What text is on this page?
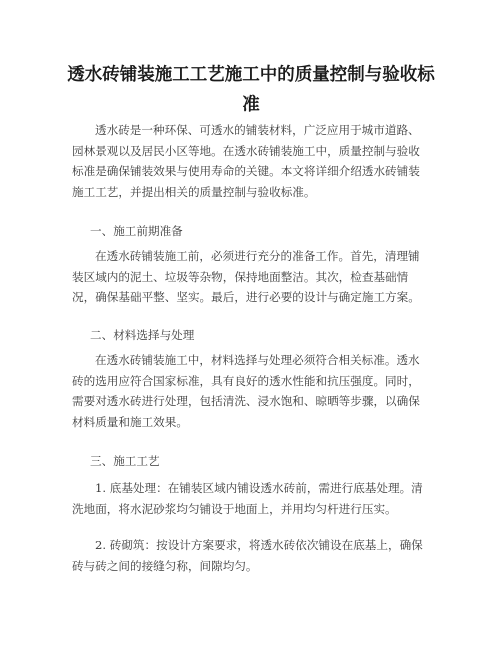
透水砖铺装施工工艺施工中的质量控制与验收标准

透水砖是一种环保、可透水的铺装材料，广泛应用于城市道路、园林景观以及居民小区等地。在透水砖铺装施工中，质量控制与验收标准是确保铺装效果与使用寿命的关键。本文将详细介绍透水砖铺装施工工艺，并提出相关的质量控制与验收标准。

一、施工前期准备

在透水砖铺装施工前，必须进行充分的准备工作。首先，清理铺装区域内的泥土、垃圾等杂物，保持地面整洁。其次，检查基础情况，确保基础平整、坚实。最后，进行必要的设计与确定施工方案。

二、材料选择与处理

在透水砖铺装施工中，材料选择与处理必须符合相关标准。透水砖的选用应符合国家标准，具有良好的透水性能和抗压强度。同时，需要对透水砖进行处理，包括清洗、浸水饱和、晾晒等步骤，以确保材料质量和施工效果。

三、施工工艺

1. 底基处理：在铺装区域内铺设透水砖前，需进行底基处理。清洗地面，将水泥砂浆均匀铺设于地面上，并用均匀杆进行压实。

2. 砖砌筑：按设计方案要求，将透水砖依次铺设在底基上，确保砖与砖之间的接缝匀称，间隙均匀。
